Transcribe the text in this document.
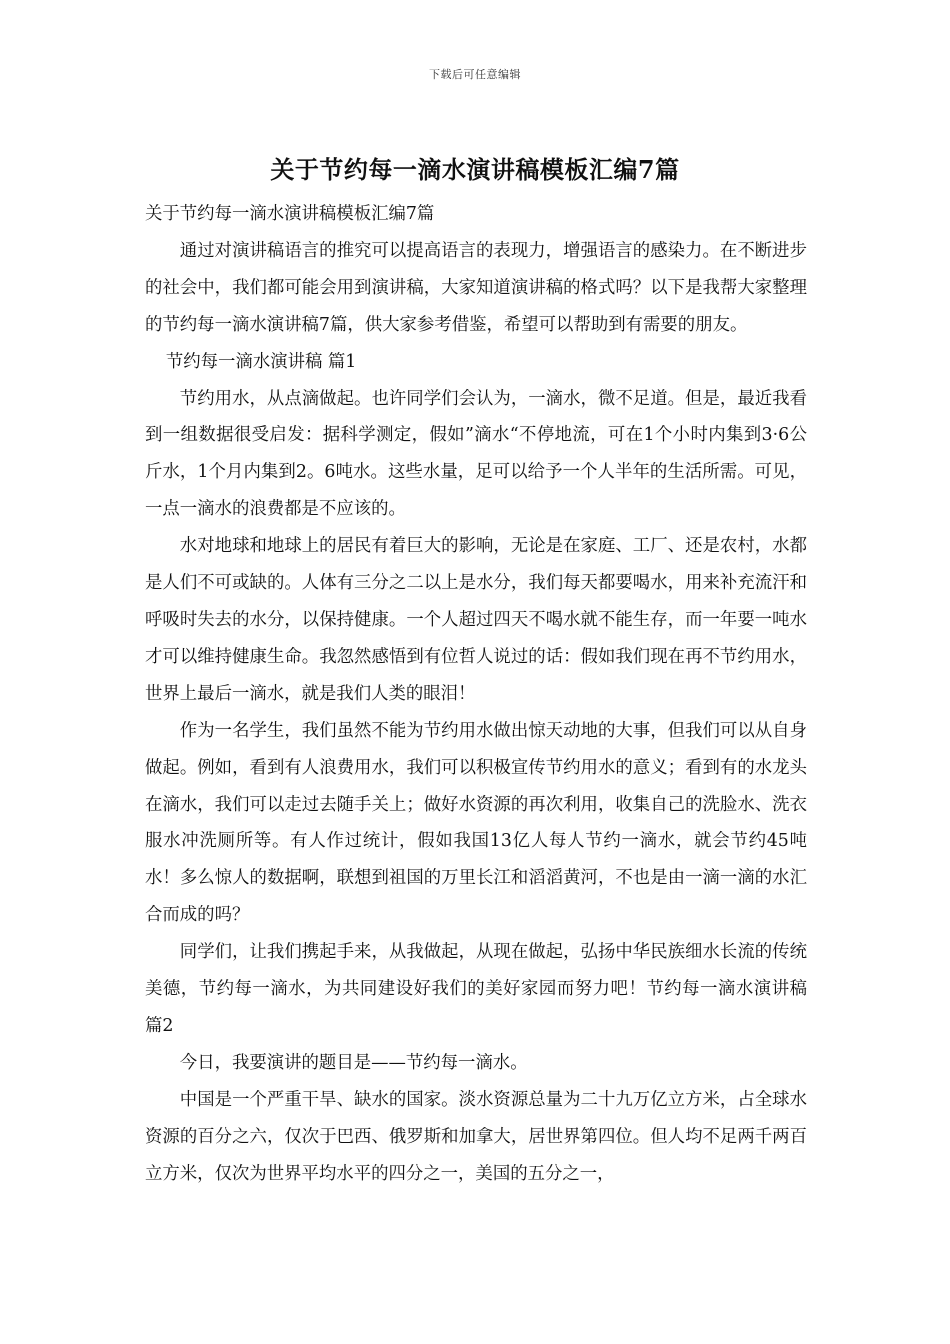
下载后可任意编辑
关于节约每一滴水演讲稿模板汇编7篇

关于节约每一滴水演讲稿模板汇编7篇

通过对演讲稿语言的推究可以提高语言的表现力，增强语言的感染力。在不断进步的社会中，我们都可能会用到演讲稿，大家知道演讲稿的格式吗？以下是我帮大家整理的节约每一滴水演讲稿7篇，供大家参考借鉴，希望可以帮助到有需要的朋友。

节约每一滴水演讲稿 篇1

节约用水，从点滴做起。也许同学们会认为，一滴水，微不足道。但是，最近我看到一组数据很受启发：据科学测定，假如”滴水“不停地流，可在1个小时内集到3·6公斤水，1个月内集到2。6吨水。这些水量，足可以给予一个人半年的生活所需。可见，一点一滴水的浪费都是不应该的。

水对地球和地球上的居民有着巨大的影响，无论是在家庭、工厂、还是农村，水都是人们不可或缺的。人体有三分之二以上是水分，我们每天都要喝水，用来补充流汗和呼吸时失去的水分，以保持健康。一个人超过四天不喝水就不能生存，而一年要一吨水才可以维持健康生命。我忽然感悟到有位哲人说过的话：假如我们现在再不节约用水，世界上最后一滴水，就是我们人类的眼泪！

作为一名学生，我们虽然不能为节约用水做出惊天动地的大事，但我们可以从自身做起。例如，看到有人浪费用水，我们可以积极宣传节约用水的意义；看到有的水龙头在滴水，我们可以走过去随手关上；做好水资源的再次利用，收集自己的洗脸水、洗衣服水冲洗厕所等。有人作过统计，假如我国13亿人每人节约一滴水，就会节约45吨水！多么惊人的数据啊，联想到祖国的万里长江和滔滔黄河，不也是由一滴一滴的水汇合而成的吗？

同学们，让我们携起手来，从我做起，从现在做起，弘扬中华民族细水长流的传统美德，节约每一滴水，为共同建设好我们的美好家园而努力吧！节约每一滴水演讲稿 篇2

今日，我要演讲的题目是——节约每一滴水。

中国是一个严重干旱、缺水的国家。淡水资源总量为二十九万亿立方米，占全球水资源的百分之六，仅次于巴西、俄罗斯和加拿大，居世界第四位。但人均不足两千两百立方米，仅次为世界平均水平的四分之一，美国的五分之一，
